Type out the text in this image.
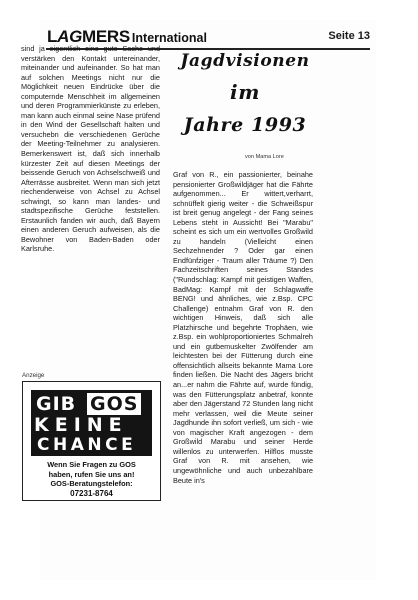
LAGMERS International	Seite 13

sind ja eigentlich eine gute Sache und verstärken den Kontakt untereinander, miteinander und aufeinander. So hat man auf solchen Meetings nicht nur die Möglichkeit neuen Eindrücke über die computernde Menschheit im allgemeinen und deren Programmierkünste zu erleben, man kann auch einmal seine Nase prüfend in den Wind der Gesellschaft halten und versuchebn die verschiedenen Gerüche der Meeting-Teilnehmer zu analysieren. Bemerkenswert ist, daß sich innerhalb kürzester Zeit auf diesen Meetings der beissende Geruch von Achselschweiß und Afterrässe ausbreitet. Wenn man sich jetzt riechenderweise von Achsel zu Achsel schwingt, so kann man landes- und stadtspezifische Gerüche feststellen. Erstaunlich fanden wir auch, daß Bayern einen anderen Geruch aufweisen, als die Bewohner von Baden-Baden oder Karlsruhe.

Jagdvisionen
im
Jahre 1993
von Mama Lore

Graf von R., ein passionierter, beinahe pensionierter Großwildjäger hat die Fährte aufgenommen... Er wittert,verharrt, schnüffelt gierig weiter - die Schweißspur ist breit genug angelegt - der Fang seines Lebens steht in Aussicht! Bei "Marabu" scheint es sich um ein wertvolles Großwild zu handeln (Vielleicht einen Sechzehnender ? Oder gar einen Endfünfziger - Traum aller Träume ?) Den Fachzeitschriften seines Standes ("Rundschlag: Kampf mit geistigen Waffen, BadMag: Kampf mit der Schlagwaffe BENG! und ähnliches, wie z.Bsp. CPC Challenge) entnahm Graf von R. den wichtigen Hinweis, daß sich alle Platzhirsche und begehrte Trophäen, wie z.Bsp. ein wohlproportioniertes Schmalreh und ein gutbemuskelter Zwölfender am leichtesten bei der Fütterung durch eine offensichtlich allseits bekannte Mama Lore finden ließen. Die Nacht des Jägers bricht an...er nahm die Fährte auf, wurde fündig, was den Fütterungsplatz anbetraf, konnte aber den Jägerstand 72 Stunden lang nicht mehr verlassen, weil die Meute seiner Jagdhunde ihn sofort verließ, um sich - wie von magischer Kraft angezogen - dem Großwild Marabu und seiner Herde willenlos zu unterwerfen. Hilflos musste Graf von R. mit ansehen, wie ungewöhnliche und auch unbezahlbare Beute in's

Anzeige
GIB GOS
KEINE
CHANCE
Wenn Sie Fragen zu GOS
haben, rufen Sie uns an!
GOS-Beratungstelefon:
07231-8764
